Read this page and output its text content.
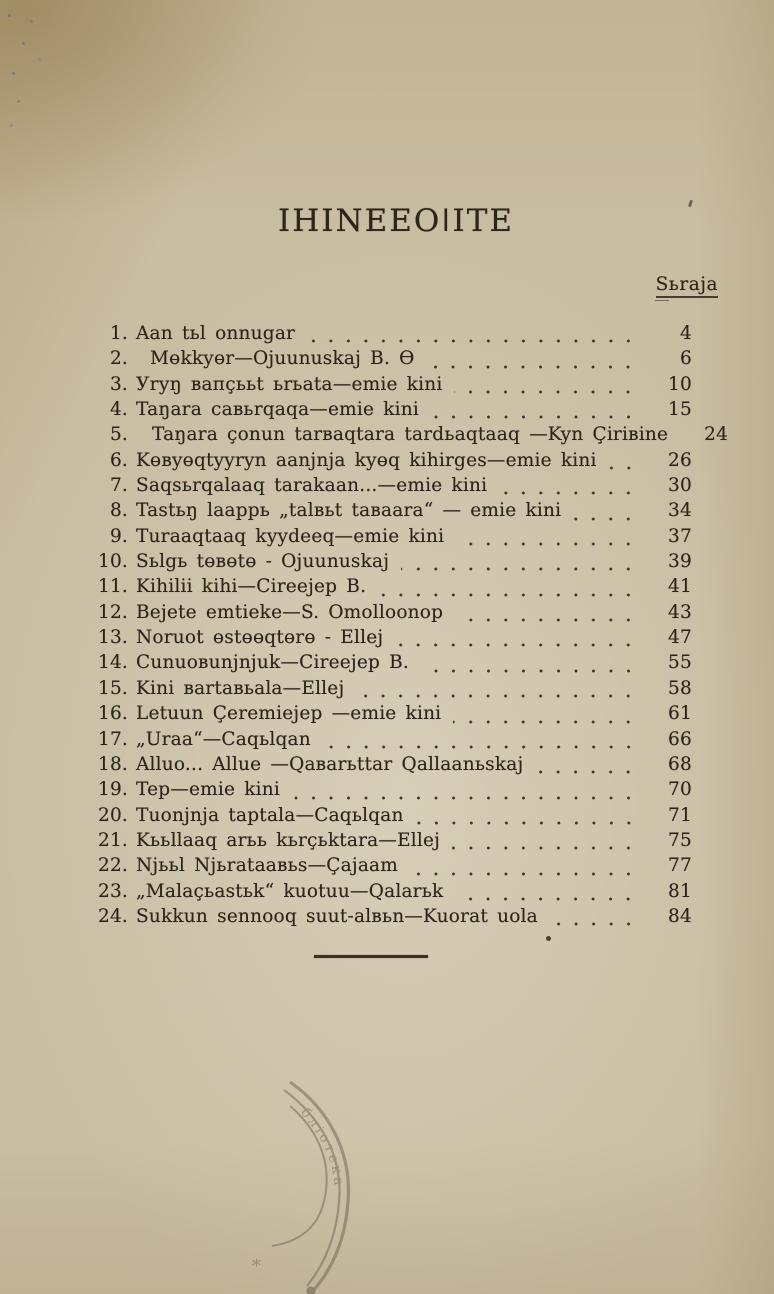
IHINEEOǀITE
Sьraja
1. Aan tьl onnugar	4
2.	Mөkkyөr—Ojuunuskaj B. Ө	6
3. Уrуŋ вапçььt ьrьata—emie kini	10
4. Taŋara савьrqaqa—emie kini	15
5.	Taŋara çonun tarвaqtara tardьaqtaaq —Kyn Çiriвine	24
6. Kөвyөqtyyryn aanjnja kyөq kihirges—emie kini	26
7. Saqsьrqalaaq tarakaan...—emie kini	30
8. Tastьŋ laappь „talвьt taвaara“ — emie kini	34
9. Turaaqtaaq kyydeeq—emie kini	37
10. Sьlgь tөвөtө - Ojuunuskaj	39
11. Kihilii kihi—Cireejep B.	41
12. Bejete emtieke—S. Omolloonop	43
13. Noruot өstөөqtөrө - Ellej	47
14. Cunuoвunjnjuk—Cireejep B.	55
15. Kini вartaвьala—Ellej	58
16. Letuun Çeremiejep —emie kini	61
17. „Uraa“—Caqьlqan	66
18. Alluo... Allue —Qaвarьttar Qallaanьskaj	68
19. Tep—emie kini	70
20. Tuonjnja taptala—Caqьlqan	71
21. Kььllaaq arьь kьrçьktara—Ellej	75
22. Njььl Njьrataaвьs—Çajaam	77
23. „Malaçьastьk“ kuotuu—Qalarьk	81
24. Sukkun sennooq suut-alвьn—Kuorat uola	84
*
бліотека
